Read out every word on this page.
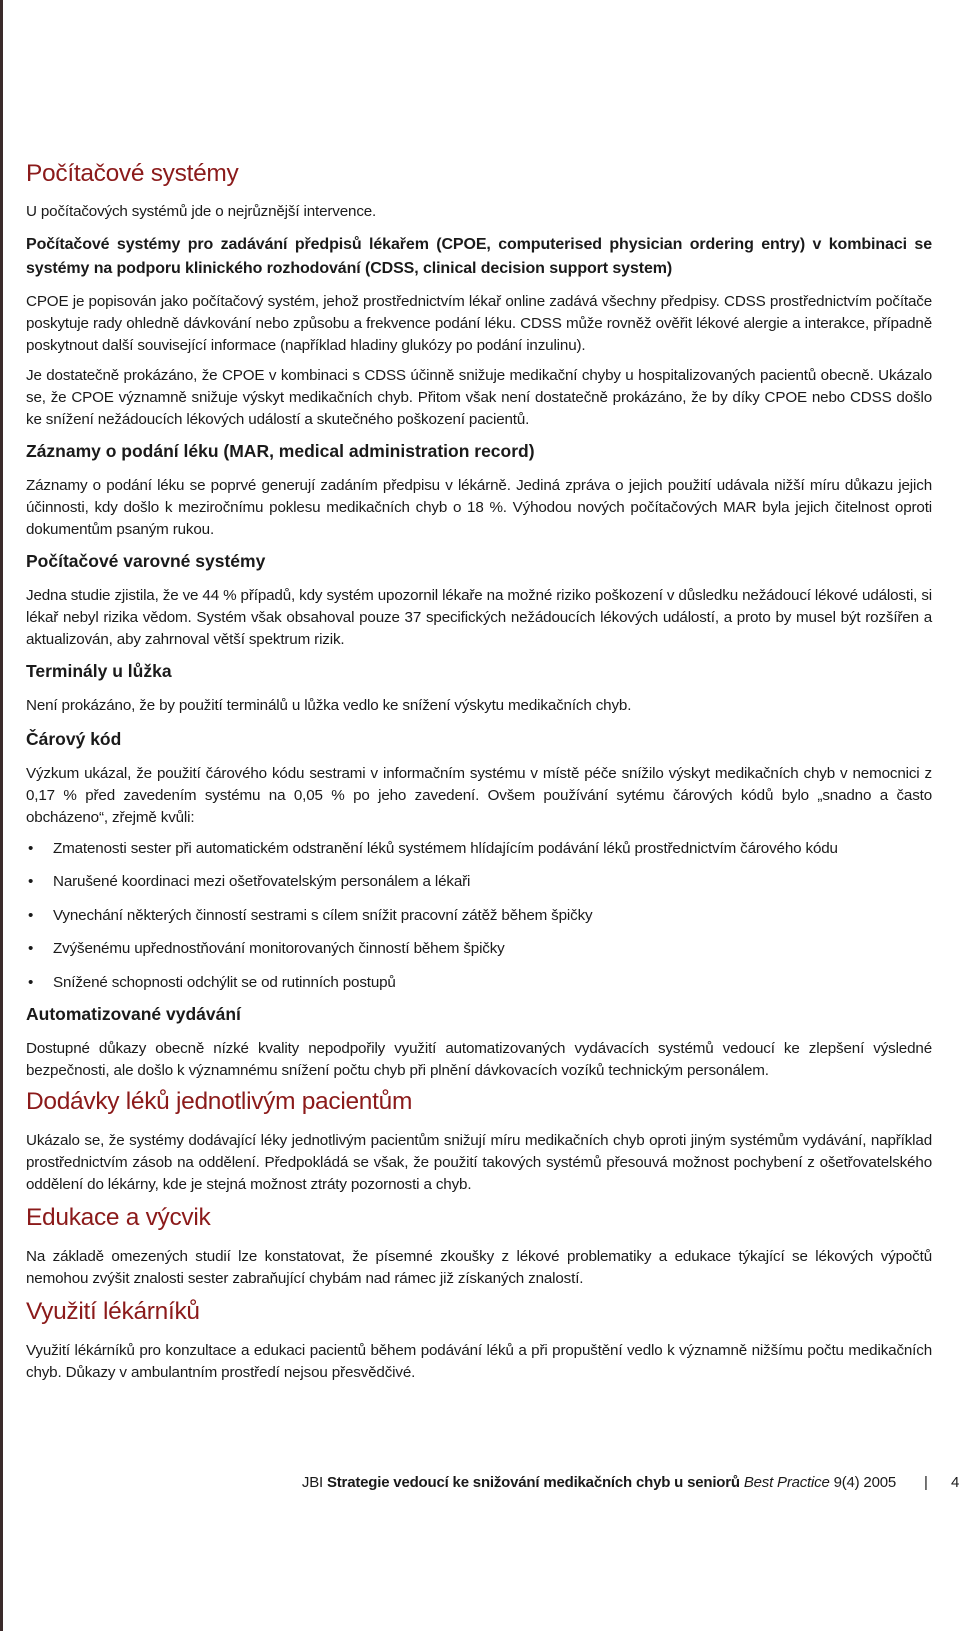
Počítačové systémy

U počítačových systémů jde o nejrůznější intervence.

Počítačové systémy pro zadávání předpisů lékařem (CPOE, computerised physician ordering entry) v kombinaci se systémy na podporu klinického rozhodování (CDSS, clinical decision support system)

CPOE je popisován jako počítačový systém, jehož prostřednictvím lékař online zadává všechny předpisy. CDSS prostřednictvím počítače poskytuje rady ohledně dávkování nebo způsobu a frekvence podání léku. CDSS může rovněž ověřit lékové alergie a interakce, případně poskytnout další související informace (například hladiny glukózy po podání inzulinu).

Je dostatečně prokázáno, že CPOE v kombinaci s CDSS účinně snižuje medikační chyby u hospitalizovaných pacientů obecně. Ukázalo se, že CPOE významně snižuje výskyt medikačních chyb. Přitom však není dostatečně prokázáno, že by díky CPOE nebo CDSS došlo ke snížení nežádoucích lékových událostí a skutečného poškození pacientů.

Záznamy o podání léku (MAR, medical administration record)

Záznamy o podání léku se poprvé generují zadáním předpisu v lékárně. Jediná zpráva o jejich použití udávala nižší míru důkazu jejich účinnosti, kdy došlo k meziročnímu poklesu medikačních chyb o 18 %. Výhodou nových počítačových MAR byla jejich čitelnost oproti dokumentům psaným rukou.

Počítačové varovné systémy

Jedna studie zjistila, že ve 44 % případů, kdy systém upozornil lékaře na možné riziko poškození v důsledku nežádoucí lékové události, si lékař nebyl rizika vědom. Systém však obsahoval pouze 37 specifických nežádoucích lékových událostí, a proto by musel být rozšířen a aktualizován, aby zahrnoval větší spektrum rizik.

Terminály u lůžka

Není prokázáno, že by použití terminálů u lůžka vedlo ke snížení výskytu medikačních chyb.

Čárový kód

Výzkum ukázal, že použití čárového kódu sestrami v informačním systému v místě péče snížilo výskyt medikačních chyb v nemocnici z 0,17 % před zavedením systému na 0,05 % po jeho zavedení. Ovšem používání sytému čárových kódů bylo „snadno a často obcházeno“, zřejmě kvůli:

• Zmatenosti sester při automatickém odstranění léků systémem hlídajícím podávání léků prostřednictvím čárového kódu
• Narušené koordinaci mezi ošetřovatelským personálem a lékaři
• Vynechání některých činností sestrami s cílem snížit pracovní zátěž během špičky
• Zvýšenému upřednostňování monitorovaných činností během špičky
• Snížené schopnosti odchýlit se od rutinních postupů
Automatizované vydávání

Dostupné důkazy obecně nízké kvality nepodpořily využití automatizovaných vydávacích systémů vedoucí ke zlepšení výsledné bezpečnosti, ale došlo k významnému snížení počtu chyb při plnění dávkovacích vozíků technickým personálem.

Dodávky léků jednotlivým pacientům

Ukázalo se, že systémy dodávající léky jednotlivým pacientům snižují míru medikačních chyb oproti jiným systémům vydávání, například prostřednictvím zásob na oddělení. Předpokládá se však, že použití takových systémů přesouvá možnost pochybení z ošetřovatelského oddělení do lékárny, kde je stejná možnost ztráty pozornosti a chyb.

Edukace a výcvik

Na základě omezených studií lze konstatovat, že písemné zkoušky z lékové problematiky a edukace týkající se lékových výpočtů nemohou zvýšit znalosti sester zabraňující chybám nad rámec již získaných znalostí.

Využití lékárníků

Využití lékárníků pro konzultace a edukaci pacientů během podávání léků a při propuštění vedlo k významně nižšímu počtu medikačních chyb. Důkazy v ambulantním prostředí nejsou přesvědčivé.

JBI Strategie vedoucí ke snižování medikačních chyb u seniorů Best Practice 9(4) 2005 | 4
